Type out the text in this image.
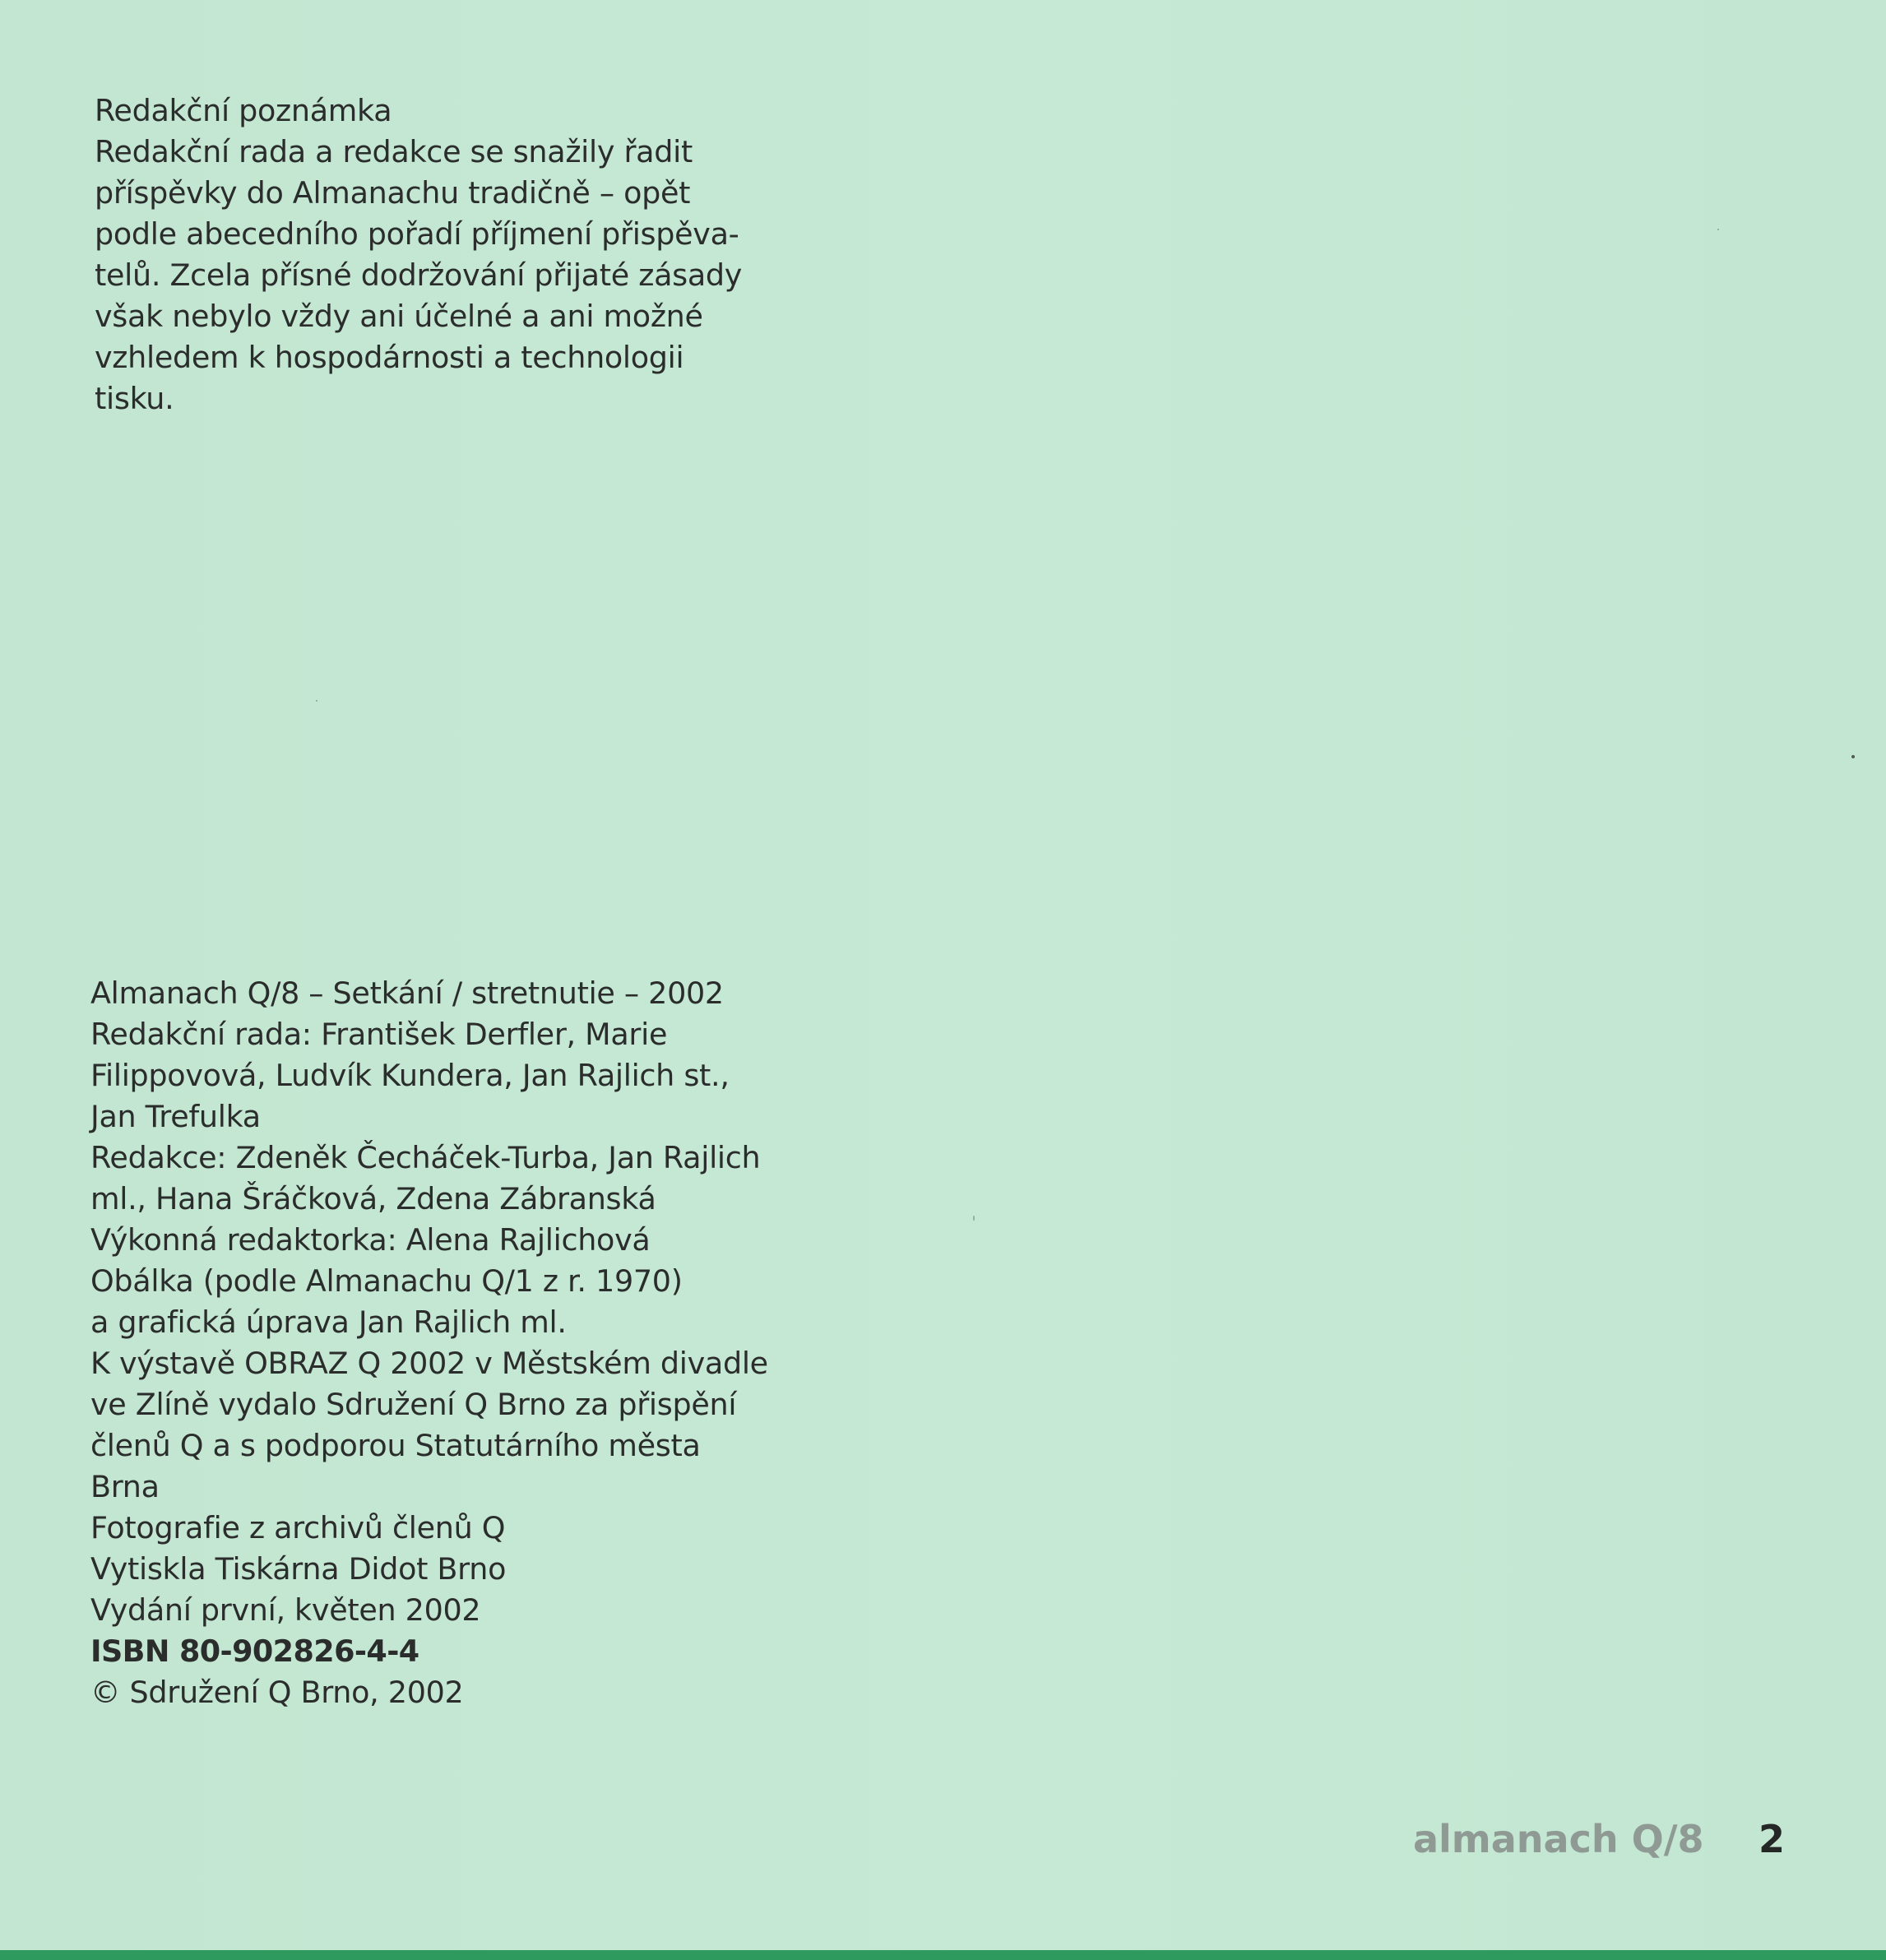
Redakční poznámka
Redakční rada a redakce se snažily řadit
příspěvky do Almanachu tradičně – opět
podle abecedního pořadí příjmení přispěva-
telů. Zcela přísné dodržování přijaté zásady
však nebylo vždy ani účelné a ani možné
vzhledem k hospodárnosti a technologii
tisku.
Almanach Q/8 – Setkání / stretnutie – 2002
Redakční rada: František Derfler, Marie
Filippovová, Ludvík Kundera, Jan Rajlich st.,
Jan Trefulka
Redakce: Zdeněk Čecháček-Turba, Jan Rajlich
ml., Hana Šráčková, Zdena Zábranská
Výkonná redaktorka: Alena Rajlichová
Obálka (podle Almanachu Q/1 z r. 1970)
a grafická úprava Jan Rajlich ml.
K výstavě OBRAZ Q 2002 v Městském divadle
ve Zlíně vydalo Sdružení Q Brno za přispění
členů Q a s podporou Statutárního města
Brna
Fotografie z archivů členů Q
Vytiskla Tiskárna Didot Brno
Vydání první, květen 2002
ISBN 80-902826-4-4
© Sdružení Q Brno, 2002
almanach Q/8 2
